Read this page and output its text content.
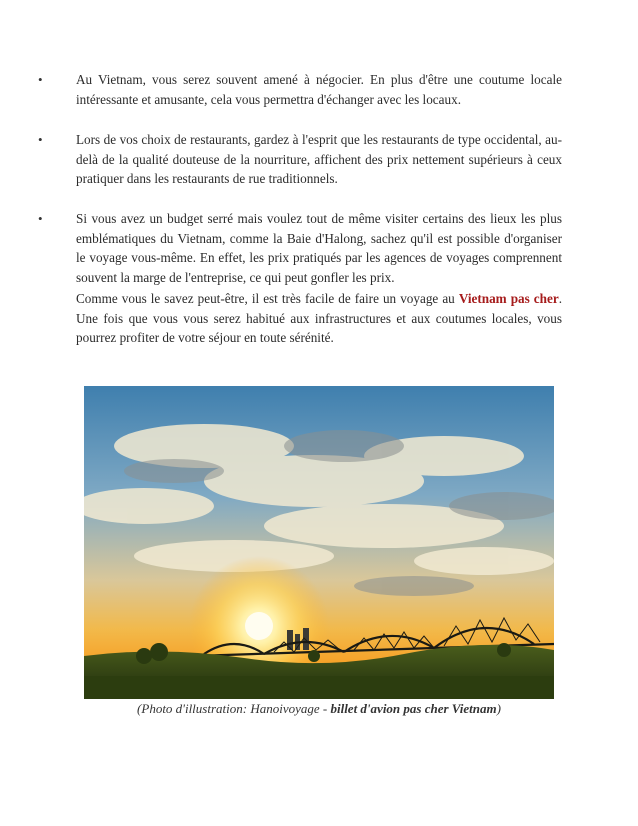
•	Au Vietnam, vous serez souvent amené à négocier. En plus d'être une coutume locale intéressante et amusante, cela vous permettra d'échanger avec les locaux.
•	Lors de vos choix de restaurants, gardez à l'esprit que les restaurants de type occidental, au-delà de la qualité douteuse de la nourriture, affichent des prix nettement supérieurs à ceux pratiquer dans les restaurants de rue traditionnels.
•	Si vous avez un budget serré mais voulez tout de même visiter certains des lieux les plus emblématiques du Vietnam, comme la Baie d'Halong, sachez qu'il est possible d'organiser le voyage vous-même. En effet, les prix pratiqués par les agences de voyages comprennent souvent la marge de l'entreprise, ce qui peut gonfler les prix.
Comme vous le savez peut-être, il est très facile de faire un voyage au Vietnam pas cher. Une fois que vous vous serez habitué aux infrastructures et aux coutumes locales, vous pourrez profiter de votre séjour en toute sérénité.
(Photo d'illustration: Hanoivoyage - billet d'avion pas cher Vietnam)
